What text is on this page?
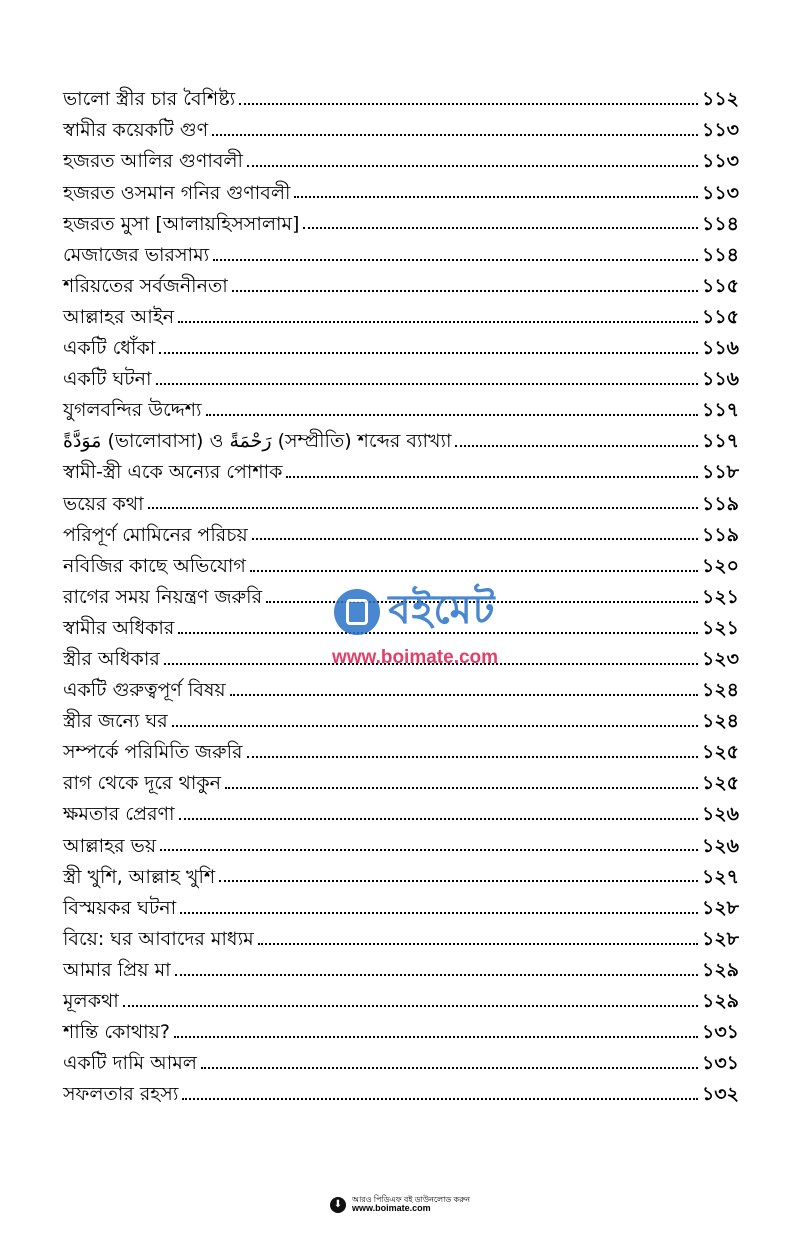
ভালো স্ত্রীর চার বৈশিষ্ট্য	১১২
স্বামীর কয়েকটি গুণ	১১৩
হজরত আলির গুণাবলী	১১৩
হজরত ওসমান গনির গুণাবলী	১১৩
হজরত মুসা [আলায়হিসসালাম]	১১৪
মেজাজের ভারসাম্য	১১৪
শরিয়তের সর্বজনীনতা	১১৫
আল্লাহর আইন	১১৫
একটি ধোঁকা	১১৬
একটি ঘটনা	১১৬
যুগলবন্দির উদ্দেশ্য	১১৭
مَوَدَّةً (ভালোবাসা) ও رَحْمَةً (সম্প্রীতি) শব্দের ব্যাখ্যা	১১৭
স্বামী-স্ত্রী একে অন্যের পোশাক	১১৮
ভয়ের কথা	১১৯
পরিপূর্ণ মোমিনের পরিচয়	১১৯
নবিজির কাছে অভিযোগ	১২০
রাগের সময় নিয়ন্ত্রণ জরুরি	১২১
স্বামীর অধিকার	১২১
স্ত্রীর অধিকার	১২৩
একটি গুরুত্বপূর্ণ বিষয়	১২৪
স্ত্রীর জন্যে ঘর	১২৪
সম্পর্কে পরিমিতি জরুরি	১২৫
রাগ থেকে দূরে থাকুন	১২৫
ক্ষমতার প্রেরণা	১২৬
আল্লাহর ভয়	১২৬
স্ত্রী খুশি, আল্লাহ খুশি	১২৭
বিস্ময়কর ঘটনা	১২৮
বিয়ে: ঘর আবাদের মাধ্যম	১২৮
আমার প্রিয় মা	১২৯
মূলকথা	১২৯
শান্তি কোথায়?	১৩১
একটি দামি আমল	১৩১
সফলতার রহস্য	১৩২
বইমেট
www.boimate.com
⬇	আরও পিডিএফ বই ডাউনলোড করুন
www.boimate.com
